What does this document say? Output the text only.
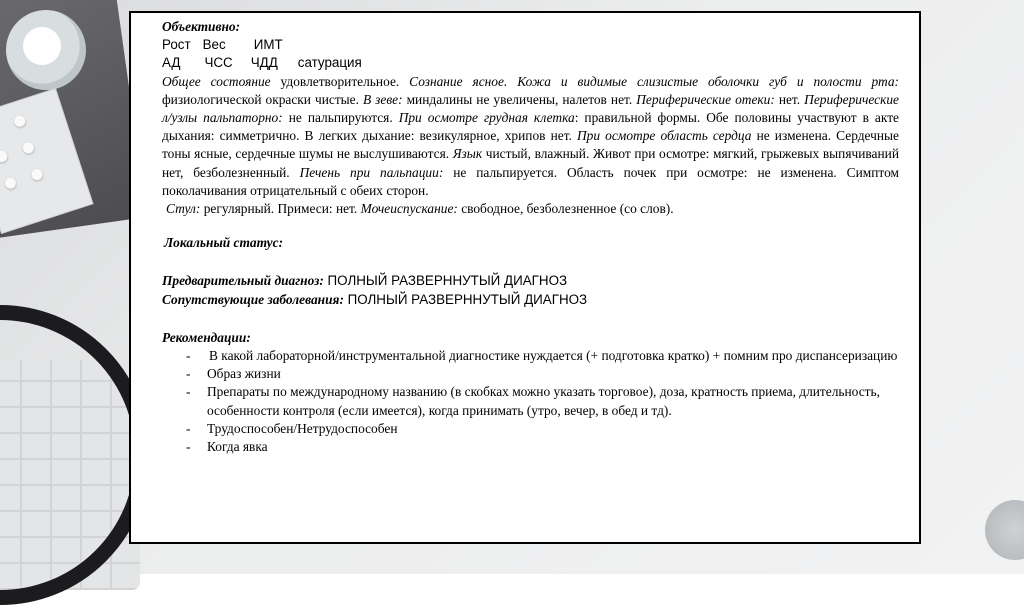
Объективно:

Рост Вес ИМТ

АД ЧСС ЧДД сатурация

Общее состояние удовлетворительное. Сознание ясное. Кожа и видимые слизистые оболочки губ и полости рта: физиологической окраски чистые. В зеве: миндалины не увеличены, налетов нет. Периферические отеки: нет. Периферические л/узлы пальпаторно: не пальпируются. При осмотре грудная клетка: правильной формы. Обе половины участвуют в акте дыхания: симметрично. В легких дыхание: везикулярное, хрипов нет. При осмотре область сердца не изменена. Сердечные тоны ясные, сердечные шумы не выслушиваются. Язык чистый, влажный. Живот при осмотре: мягкий, грыжевых выпячиваний нет, безболезненный. Печень при пальпации: не пальпируется. Область почек при осмотре: не изменена. Симптом поколачивания отрицательный с обеих сторон.

Стул: регулярный. Примеси: нет. Мочеиспускание: свободное, безболезненное (со слов).

Локальный статус:

Предварительный диагноз: ПОЛНЫЙ РАЗВЕРННУТЫЙ ДИАГНОЗ

Сопутствующие заболевания: ПОЛНЫЙ РАЗВЕРННУТЫЙ ДИАГНОЗ

Рекомендации:

- В какой лабораторной/инструментальной диагностике нуждается (+ подготовка кратко) + помним про диспансеризацию

- Образ жизни

- Препараты по международному названию (в скобках можно указать торговое), доза, кратность приема, длительность, особенности контроля (если имеется), когда принимать (утро, вечер, в обед и тд).

- Трудоспособен/Нетрудоспособен

- Когда явка
